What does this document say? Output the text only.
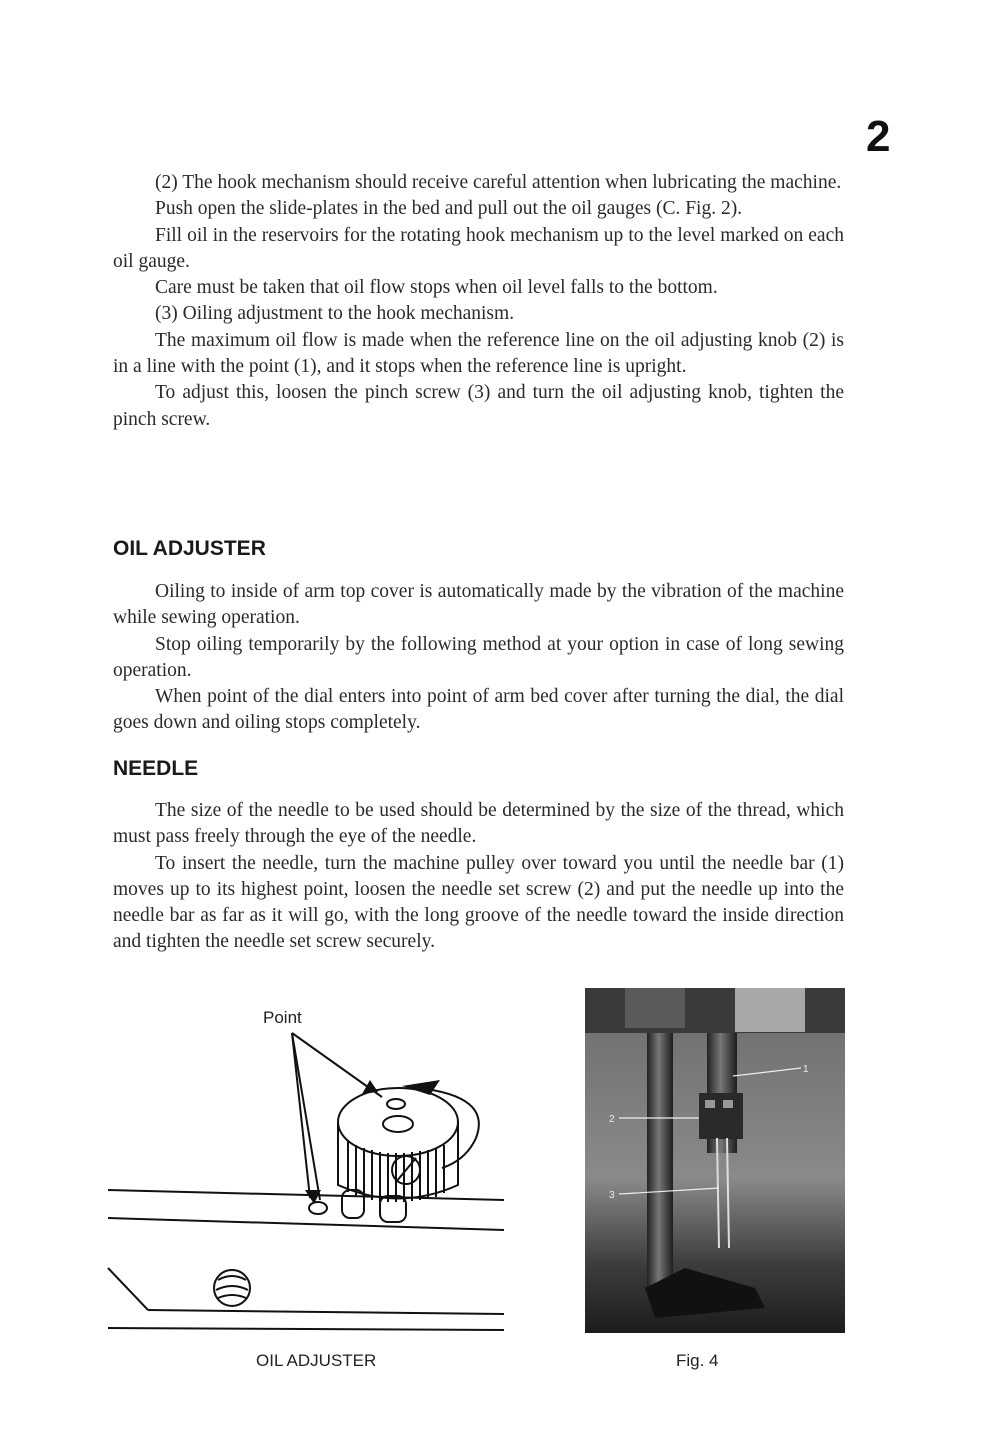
2

(2) The hook mechanism should receive careful attention when lubricating the machine.

Push open the slide-plates in the bed and pull out the oil gauges (C. Fig. 2).

Fill oil in the reservoirs for the rotating hook mechanism up to the level marked on each oil gauge.

Care must be taken that oil flow stops when oil level falls to the bottom.

(3) Oiling adjustment to the hook mechanism.

The maximum oil flow is made when the reference line on the oil adjusting knob (2) is in a line with the point (1), and it stops when the reference line is upright.

To adjust this, loosen the pinch screw (3) and turn the oil adjusting knob, tighten the pinch screw.

OIL ADJUSTER

Oiling to inside of arm top cover is automatically made by the vibration of the machine while sewing operation.

Stop oiling temporarily by the following method at your option in case of long sewing operation.

When point of the dial enters into point of arm bed cover after turning the dial, the dial goes down and oiling stops completely.

NEEDLE

The size of the needle to be used should be determined by the size of the thread, which must pass freely through the eye of the needle.

To insert the needle, turn the machine pulley over toward you until the needle bar (1) moves up to its highest point, loosen the needle set screw (2) and put the needle up into the needle bar as far as it will go, with the long groove of the needle toward the inside direction and tighten the needle set screw securely.

Point
OIL ADJUSTER
1
2
3
Fig. 4
